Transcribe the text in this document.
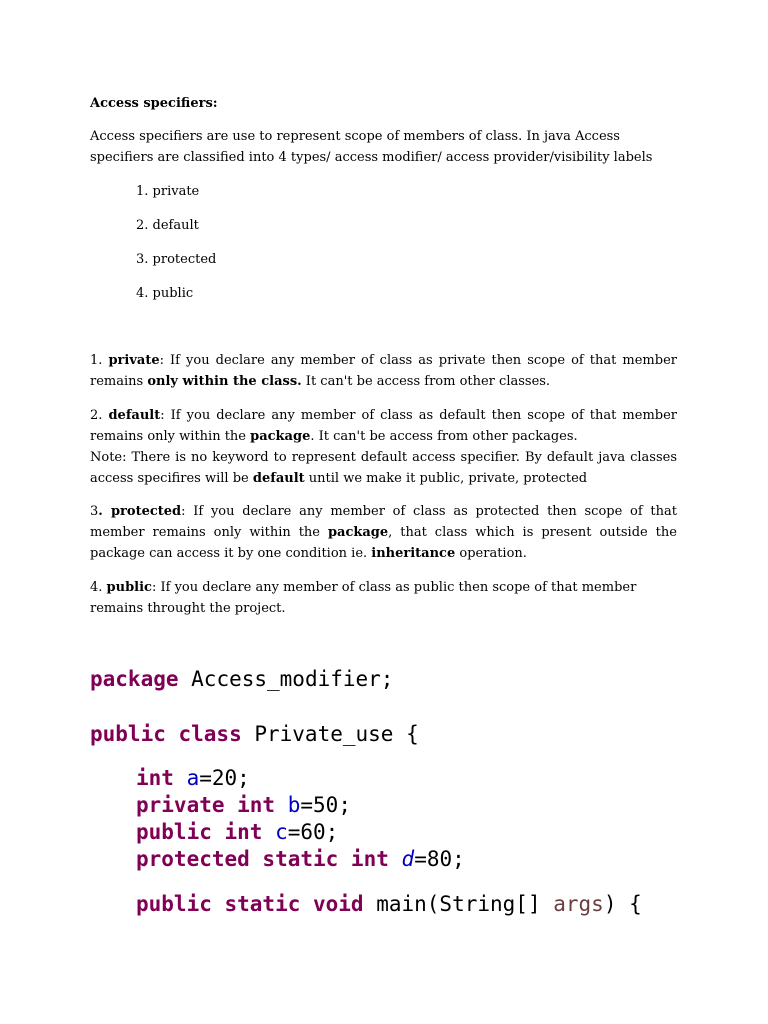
Access specifiers:
Access specifiers are use to represent scope of members of class. In java Access specifiers are classified into 4 types/ access modifier/ access provider/visibility labels
1. private
2. default
3. protected
4. public
1. private: If you declare any member of class as private then scope of that member remains only within the class. It can't be access from other classes.
2. default: If you declare any member of class as default then scope of that member remains only within the package. It can't be access from other packages.
Note: There is no keyword to represent default access specifier. By default java classes access specifires will be default until we make it public, private, protected
3. protected: If you declare any member of class as protected then scope of that member remains only within the package, that class which is present outside the package can access it by one condition ie. inheritance operation.
4. public: If you declare any member of class as public then scope of that member remains throught the project.
package Access_modifier;
public class Private_use {
int a=20;
private int b=50;
public int c=60;
protected static int d=80;
public static void main(String[] args) {
